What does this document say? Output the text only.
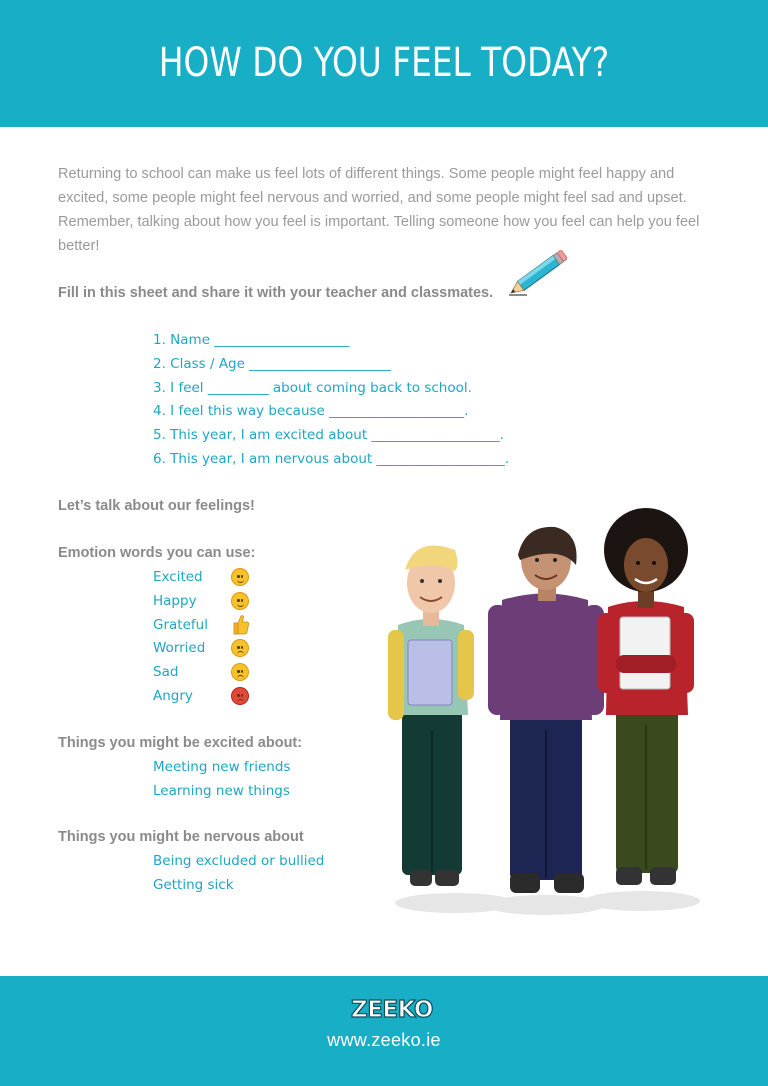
HOW DO YOU FEEL TODAY?

Returning to school can make us feel lots of different things. Some people might feel happy and excited, some people might feel nervous and worried, and some people might feel sad and upset. Remember, talking about how you feel is important. Telling someone how you feel can help you feel better!

Fill in this sheet and share it with your teacher and classmates.
1. Name ____________________
2. Class / Age _____________________
3. I feel _________ about coming back to school.
4. I feel this way because ____________________.
5. This year, I am excited about ___________________.
6. This year, I am nervous about ___________________.
Let’s talk about our feelings!
Emotion words you can use:
Excited
Happy
Grateful
Worried
Sad
Angry
Things you might be excited about:
Meeting new friends
Learning new things
Things you might be nervous about
Being excluded or bullied
Getting sick
ZEEKO
www.zeeko.ie
